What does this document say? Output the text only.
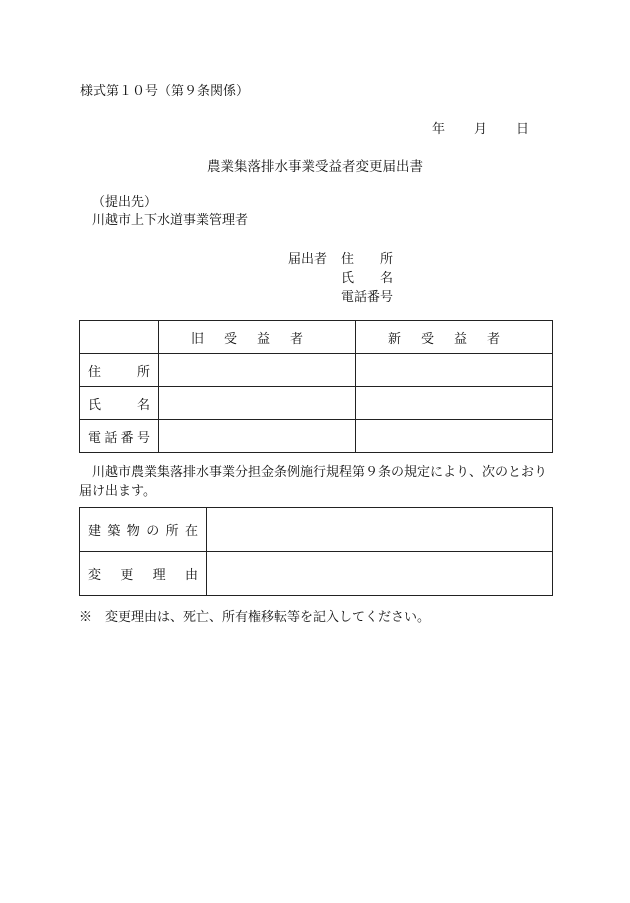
様式第１０号（第９条関係）
年 月 日
農業集落排水事業受益者変更届出書
（提出先）
川越市上下水道事業管理者
届出者 住　　所
氏　　名
電話番号
	旧受益者	新受益者
住所		
氏名		
電話番号		
川越市農業集落排水事業分担金条例施行規程第９条の規定により、次のとおり届け出ます。
建築物の所在	
変更理由	
※　変更理由は、死亡、所有権移転等を記入してください。
